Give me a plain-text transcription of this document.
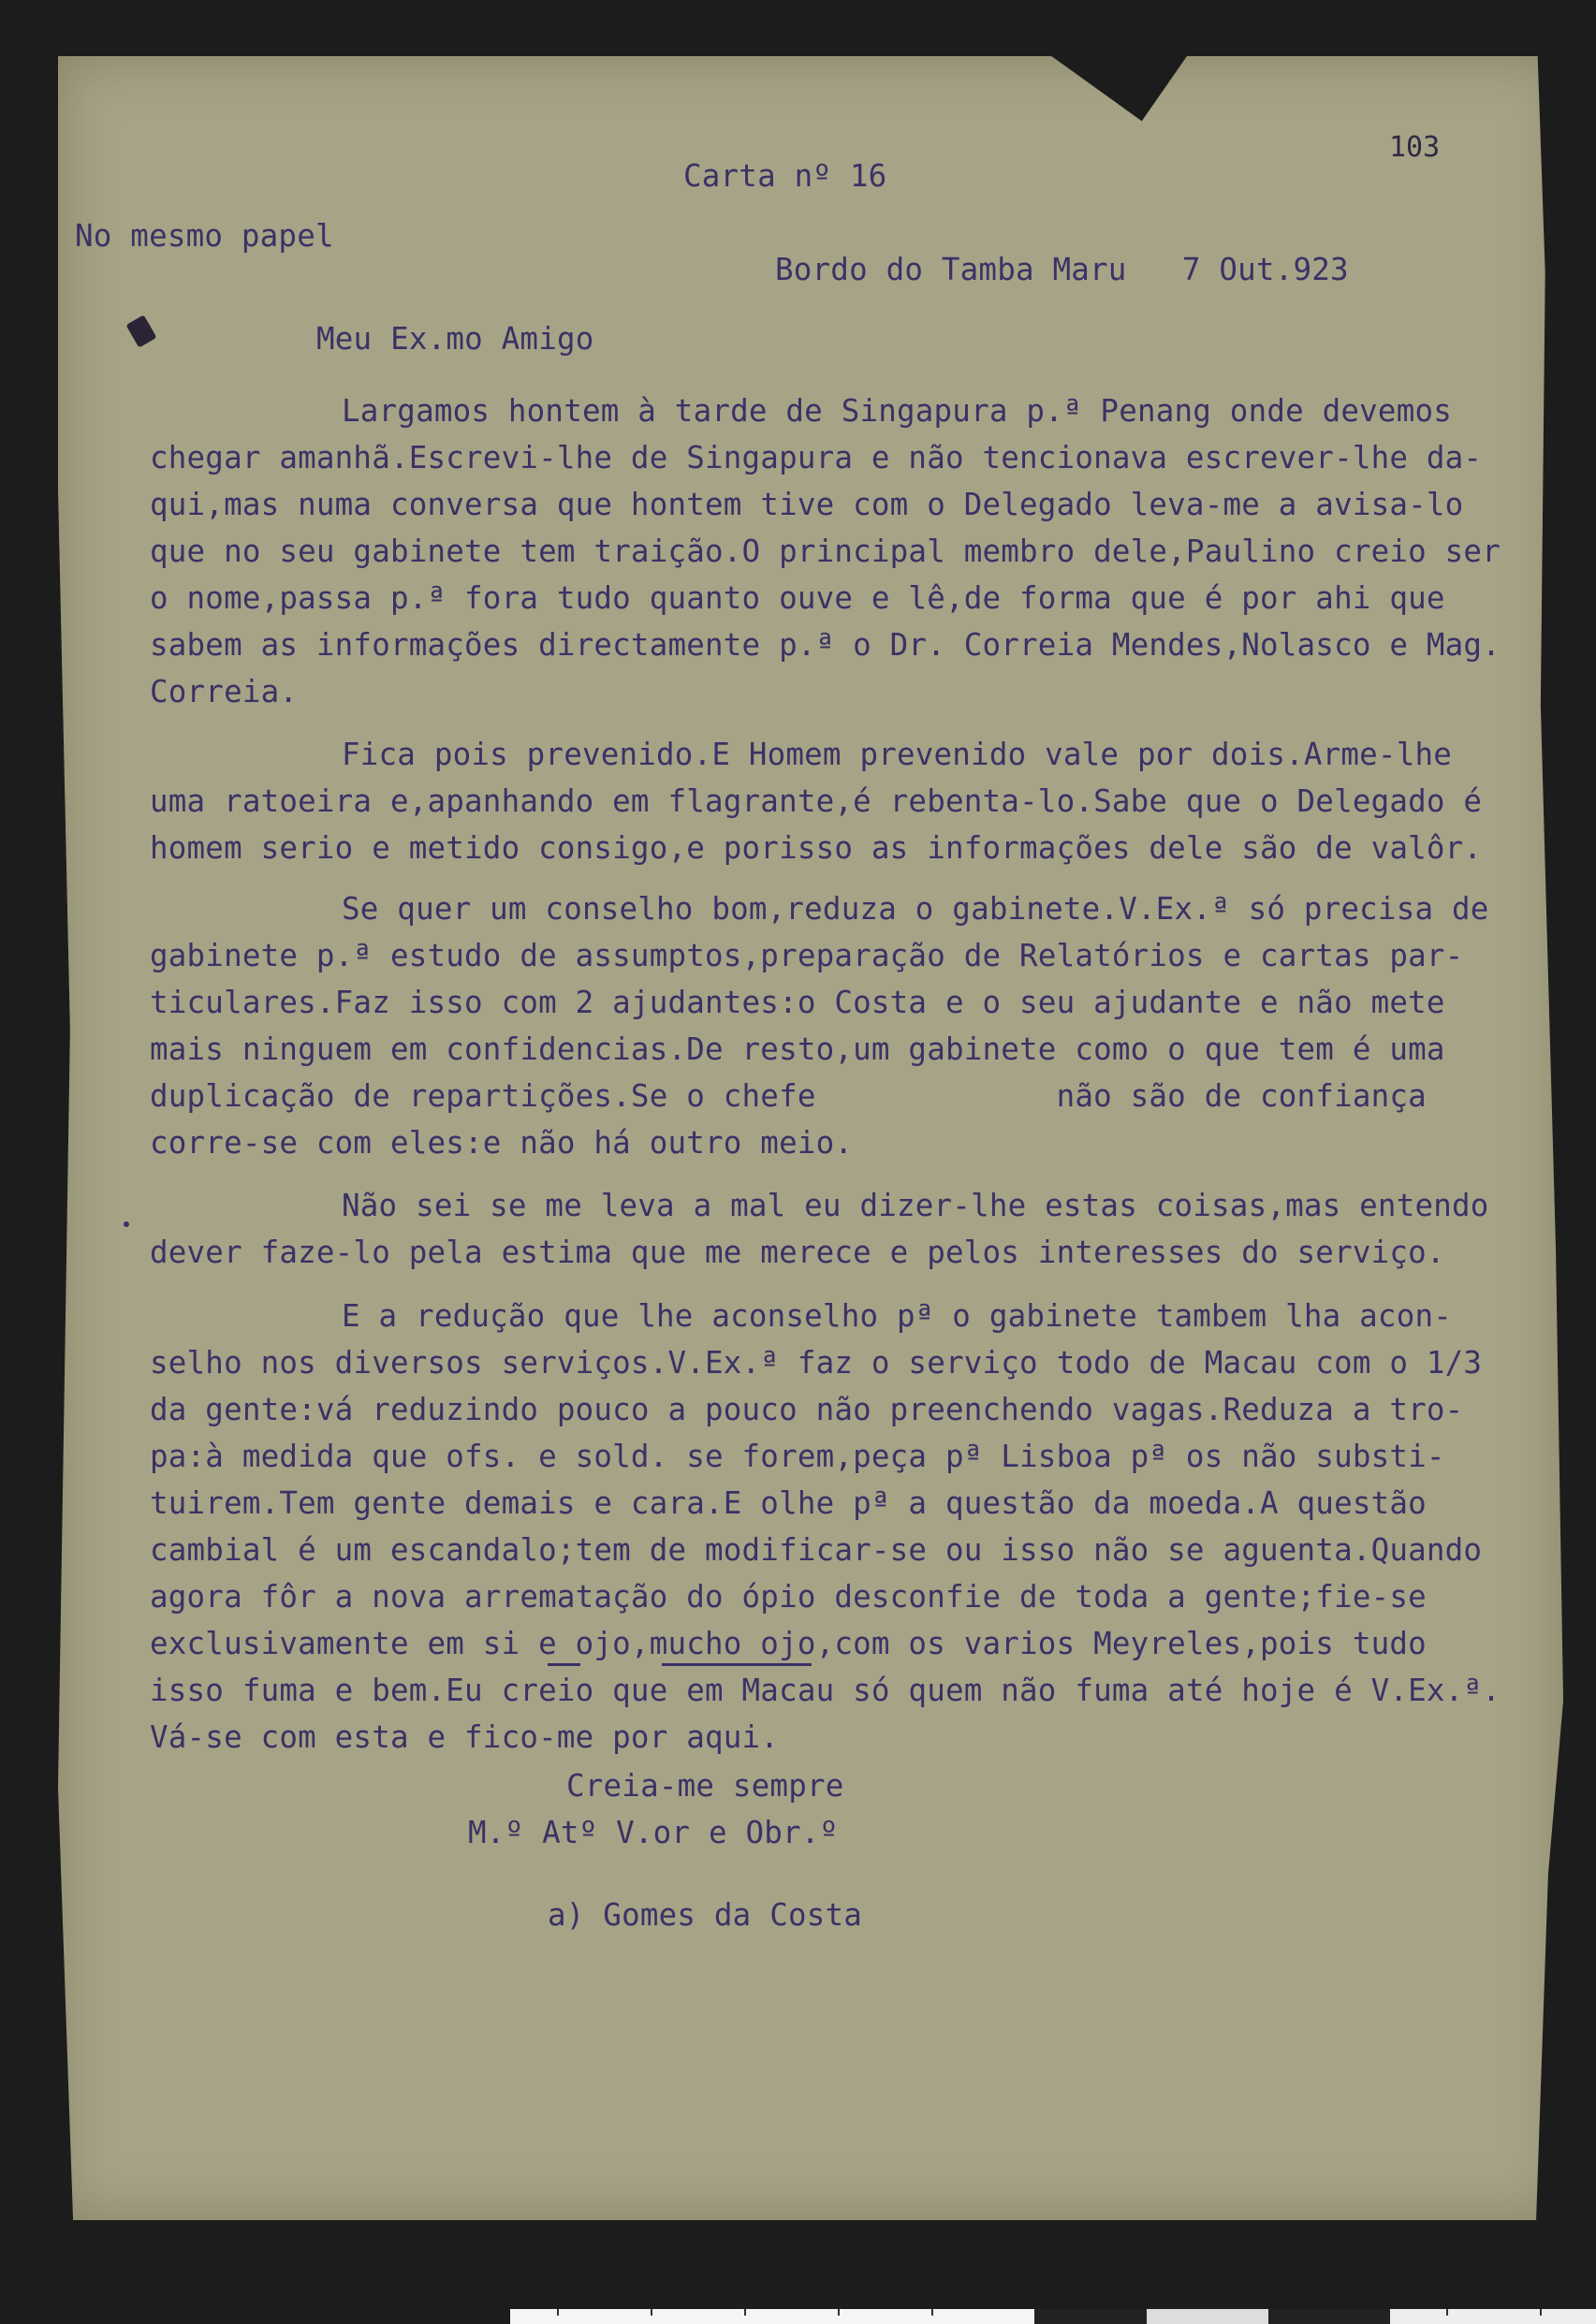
103
Carta nº 16
No mesmo papel
Bordo do Tamba Maru   7 Out.923
Meu Ex.mo Amigo
Largamos hontem à tarde de Singapura p.ª Penang onde devemos
chegar amanhã.Escrevi-lhe de Singapura e não tencionava escrever-lhe da-
qui,mas numa conversa que hontem tive com o Delegado leva-me a avisa-lo
que no seu gabinete tem traição.O principal membro dele,Paulino creio ser
o nome,passa p.ª fora tudo quanto ouve e lê,de forma que é por ahi que
sabem as informações directamente p.ª o Dr. Correia Mendes,Nolasco e Mag.
Correia.
Fica pois prevenido.E Homem prevenido vale por dois.Arme-lhe
uma ratoeira e,apanhando em flagrante,é rebenta-lo.Sabe que o Delegado é
homem serio e metido consigo,e porisso as informações dele são de valôr.
Se quer um conselho bom,reduza o gabinete.V.Ex.ª só precisa de
gabinete p.ª estudo de assumptos,preparação de Relatórios e cartas par-
ticulares.Faz isso com 2 ajudantes:o Costa e o seu ajudante e não mete
mais ninguem em confidencias.De resto,um gabinete como o que tem é uma
duplicação de repartições.Se o chefe             não são de confiança
corre-se com eles:e não há outro meio.
Não sei se me leva a mal eu dizer-lhe estas coisas,mas entendo
dever faze-lo pela estima que me merece e pelos interesses do serviço.
E a redução que lhe aconselho pª o gabinete tambem lha acon-
selho nos diversos serviços.V.Ex.ª faz o serviço todo de Macau com o 1/3
da gente:vá reduzindo pouco a pouco não preenchendo vagas.Reduza a tro-
pa:à medida que ofs. e sold. se forem,peça pª Lisboa pª os não substi-
tuirem.Tem gente demais e cara.E olhe pª a questão da moeda.A questão
cambial é um escandalo;tem de modificar-se ou isso não se aguenta.Quando
agora fôr a nova arrematação do ópio desconfie de toda a gente;fie-se
exclusivamente em si e ojo,mucho ojo,com os varios Meyreles,pois tudo
isso fuma e bem.Eu creio que em Macau só quem não fuma até hoje é V.Ex.ª.
Vá-se com esta e fico-me por aqui.
Creia-me sempre
M.º Atº V.or e Obr.º
a) Gomes da Costa
